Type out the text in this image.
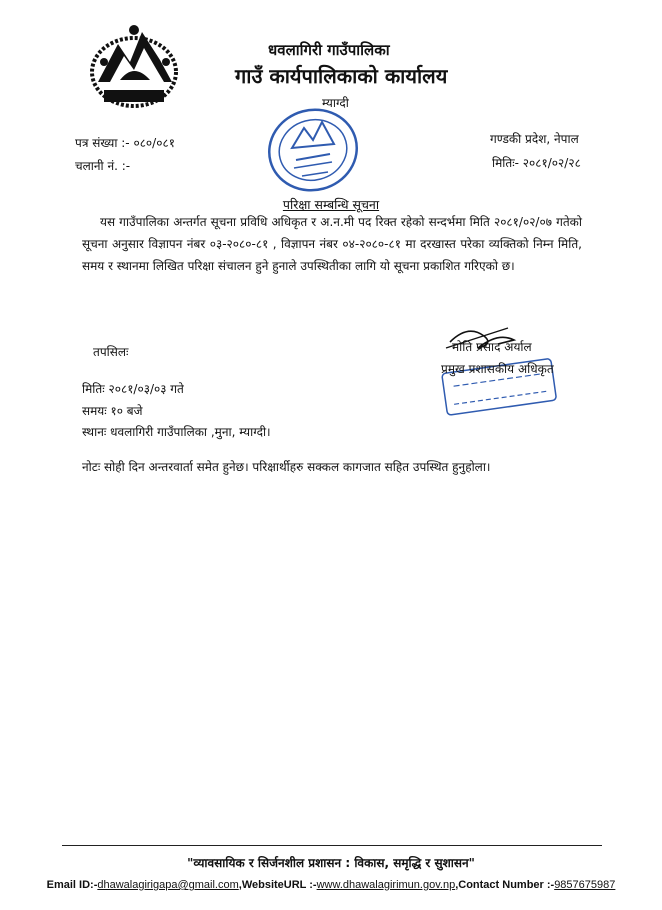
धवलागिरी गाउँपालिका
गाउँ कार्यपालिकाको कार्यालय
म्याग्दी
पत्र संख्या :- ०८०/०८१
चलानी नं. :-
गण्डकी प्रदेश, नेपाल
मितिः- २०८१/०२/२८
परिक्षा सम्बन्धि सूचना
यस गाउँपालिका अन्तर्गत सूचना प्रविधि अधिकृत र अ.न.मी पद रिक्त रहेको सन्दर्भमा मिति २०८१/०२/०७ गतेको सूचना अनुसार विज्ञापन नंबर ०३-२०८०-८१ , विज्ञापन नंबर ०४-२०८०-८१ मा दरखास्त परेका व्यक्तिको निम्न मिति, समय र स्थानमा लिखित परिक्षा संचालन हुने हुनाले उपस्थितीका लागि यो सूचना प्रकाशित गरिएको छ।
तपसिलः	मोति प्रसाद अर्याल
प्रमुख प्रशासकीय अधिकृत
मितिः २०८१/०३/०३ गते
समयः १० बजे
स्थानः धवलागिरी गाउँपालिका ,मुना, म्याग्दी।
नोटः सोही दिन अन्तरवार्ता समेत हुनेछ। परिक्षार्थीहरु सक्कल कागजात सहित उपस्थित हुनुहोला।
"व्यावसायिक र सिर्जनशील प्रशासन : विकास, समृद्धि र सुशासन"
Email ID:-dhawalagirigapa@gmail.com,WebsiteURL :-www.dhawalagirimun.gov.np,Contact Number :-9857675987
